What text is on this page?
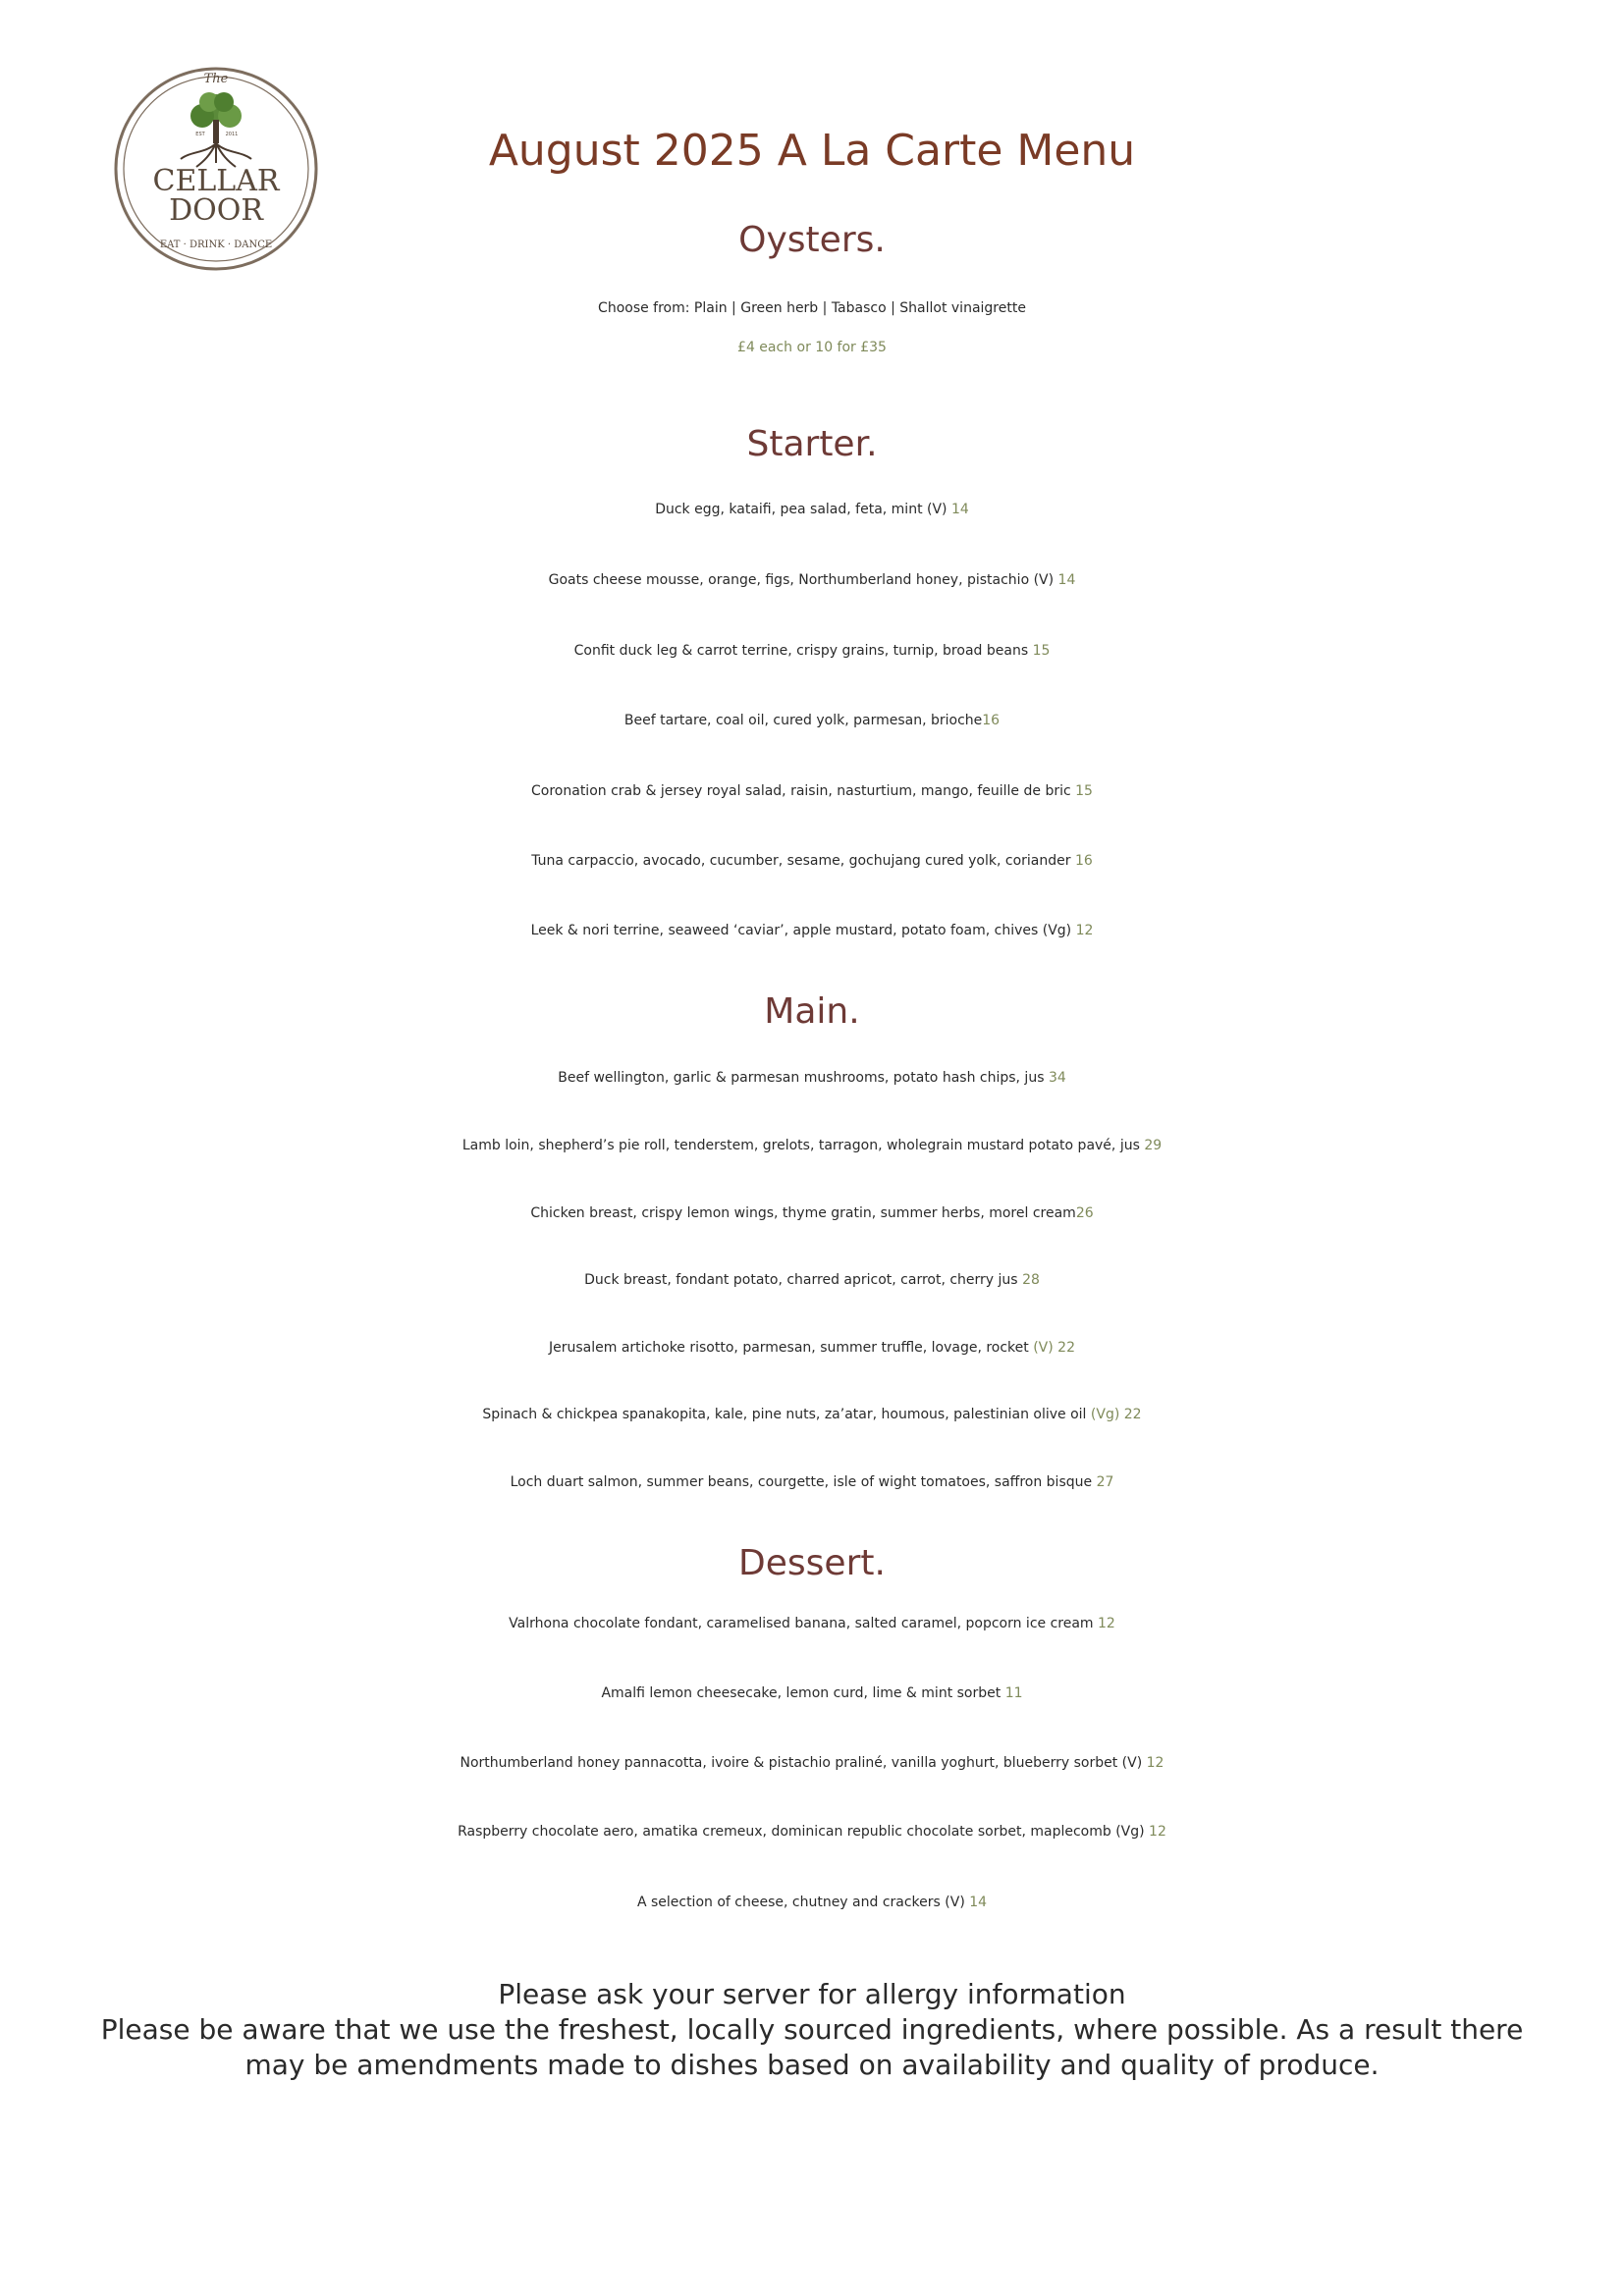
The
EST	2011
CELLAR
DOOR
EAT · DRINK · DANCE
August 2025 A La Carte Menu
Oysters.
Choose from: Plain | Green herb | Tabasco | Shallot vinaigrette
£4 each or 10 for £35
Starter.
Duck egg, kataifi, pea salad, feta, mint (V) 14
Goats cheese mousse, orange, figs, Northumberland honey, pistachio (V) 14
Confit duck leg & carrot terrine, crispy grains, turnip, broad beans 15
Beef tartare, coal oil, cured yolk, parmesan, brioche16
Coronation crab & jersey royal salad, raisin, nasturtium, mango, feuille de bric 15
Tuna carpaccio, avocado, cucumber, sesame, gochujang cured yolk, coriander 16
Leek & nori terrine, seaweed ‘caviar’, apple mustard, potato foam, chives (Vg) 12
Main.
Beef wellington, garlic & parmesan mushrooms, potato hash chips, jus 34
Lamb loin, shepherd’s pie roll, tenderstem, grelots, tarragon, wholegrain mustard potato pavé, jus 29
Chicken breast, crispy lemon wings, thyme gratin, summer herbs, morel cream26
Duck breast, fondant potato, charred apricot, carrot, cherry jus 28
Jerusalem artichoke risotto, parmesan, summer truffle, lovage, rocket (V) 22
Spinach & chickpea spanakopita, kale, pine nuts, za’atar, houmous, palestinian olive oil (Vg) 22
Loch duart salmon, summer beans, courgette, isle of wight tomatoes, saffron bisque 27
Dessert.
Valrhona chocolate fondant, caramelised banana, salted caramel, popcorn ice cream 12
Amalfi lemon cheesecake, lemon curd, lime & mint sorbet 11
Northumberland honey pannacotta, ivoire & pistachio praliné, vanilla yoghurt, blueberry sorbet (V) 12
Raspberry chocolate aero, amatika cremeux, dominican republic chocolate sorbet, maplecomb (Vg) 12
A selection of cheese, chutney and crackers (V) 14
Please ask your server for allergy information
Please be aware that we use the freshest, locally sourced ingredients, where possible. As a result there
may be amendments made to dishes based on availability and quality of produce.
